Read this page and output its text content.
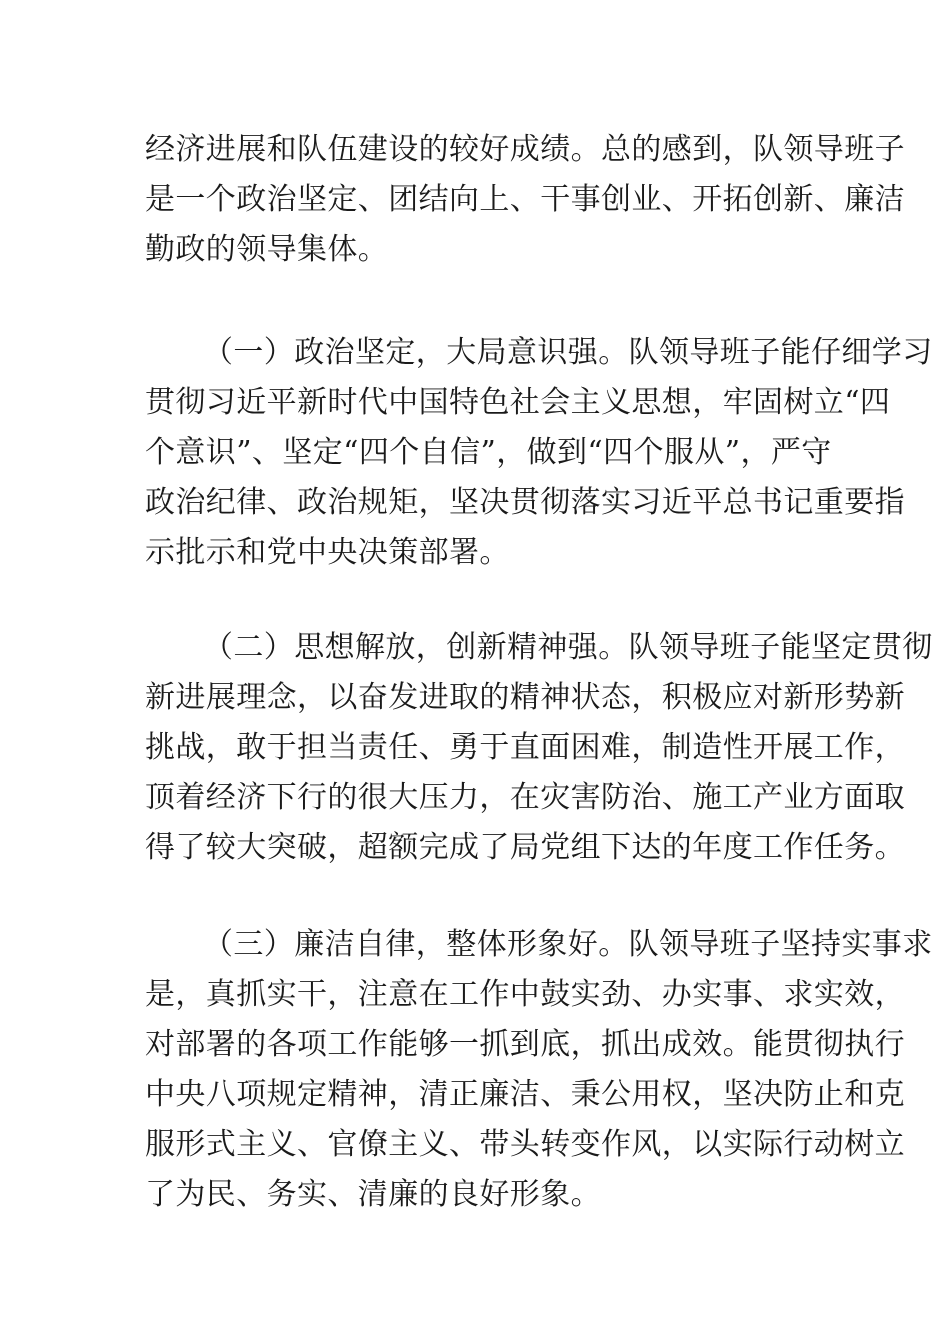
经济进展和队伍建设的较好成绩。总的感到，队领导班子
是一个政治坚定、团结向上、干事创业、开拓创新、廉洁
勤政的领导集体。
（一）政治坚定，大局意识强。队领导班子能仔细学习
贯彻习近平新时代中国特色社会主义思想，牢固树立“四
个意识”、坚定“四个自信”，做到“四个服从”，严守
政治纪律、政治规矩，坚决贯彻落实习近平总书记重要指
示批示和党中央决策部署。
（二）思想解放，创新精神强。队领导班子能坚定贯彻
新进展理念，以奋发进取的精神状态，积极应对新形势新
挑战，敢于担当责任、勇于直面困难，制造性开展工作，
顶着经济下行的很大压力，在灾害防治、施工产业方面取
得了较大突破，超额完成了局党组下达的年度工作任务。
（三）廉洁自律，整体形象好。队领导班子坚持实事求
是，真抓实干，注意在工作中鼓实劲、办实事、求实效，
对部署的各项工作能够一抓到底，抓出成效。能贯彻执行
中央八项规定精神，清正廉洁、秉公用权，坚决防止和克
服形式主义、官僚主义、带头转变作风，以实际行动树立
了为民、务实、清廉的良好形象。
